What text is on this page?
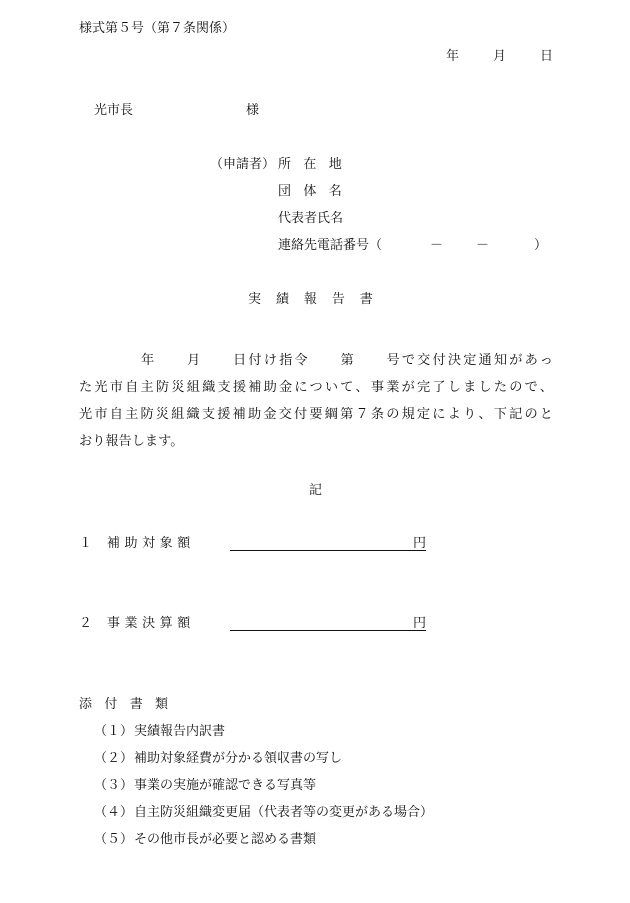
様式第５号（第７条関係）
年	月	日
光市長	様
（申請者） 所在地
団体名
代表者氏名
連絡先電話番号（	－	－	）
実績報告書
年　　月　　日付け指令　　第　　号で交付決定通知があっ
た光市自主防災組織支援補助金について、事業が完了しましたので、
光市自主防災組織支援補助金交付要綱第７条の規定により、下記のと
おり報告します。
記
１ 補助対象額	円
２ 事業決算額	円
添付書類
（１）実績報告内訳書
（２）補助対象経費が分かる領収書の写し
（３）事業の実施が確認できる写真等
（４）自主防災組織変更届（代表者等の変更がある場合）
（５）その他市長が必要と認める書類
